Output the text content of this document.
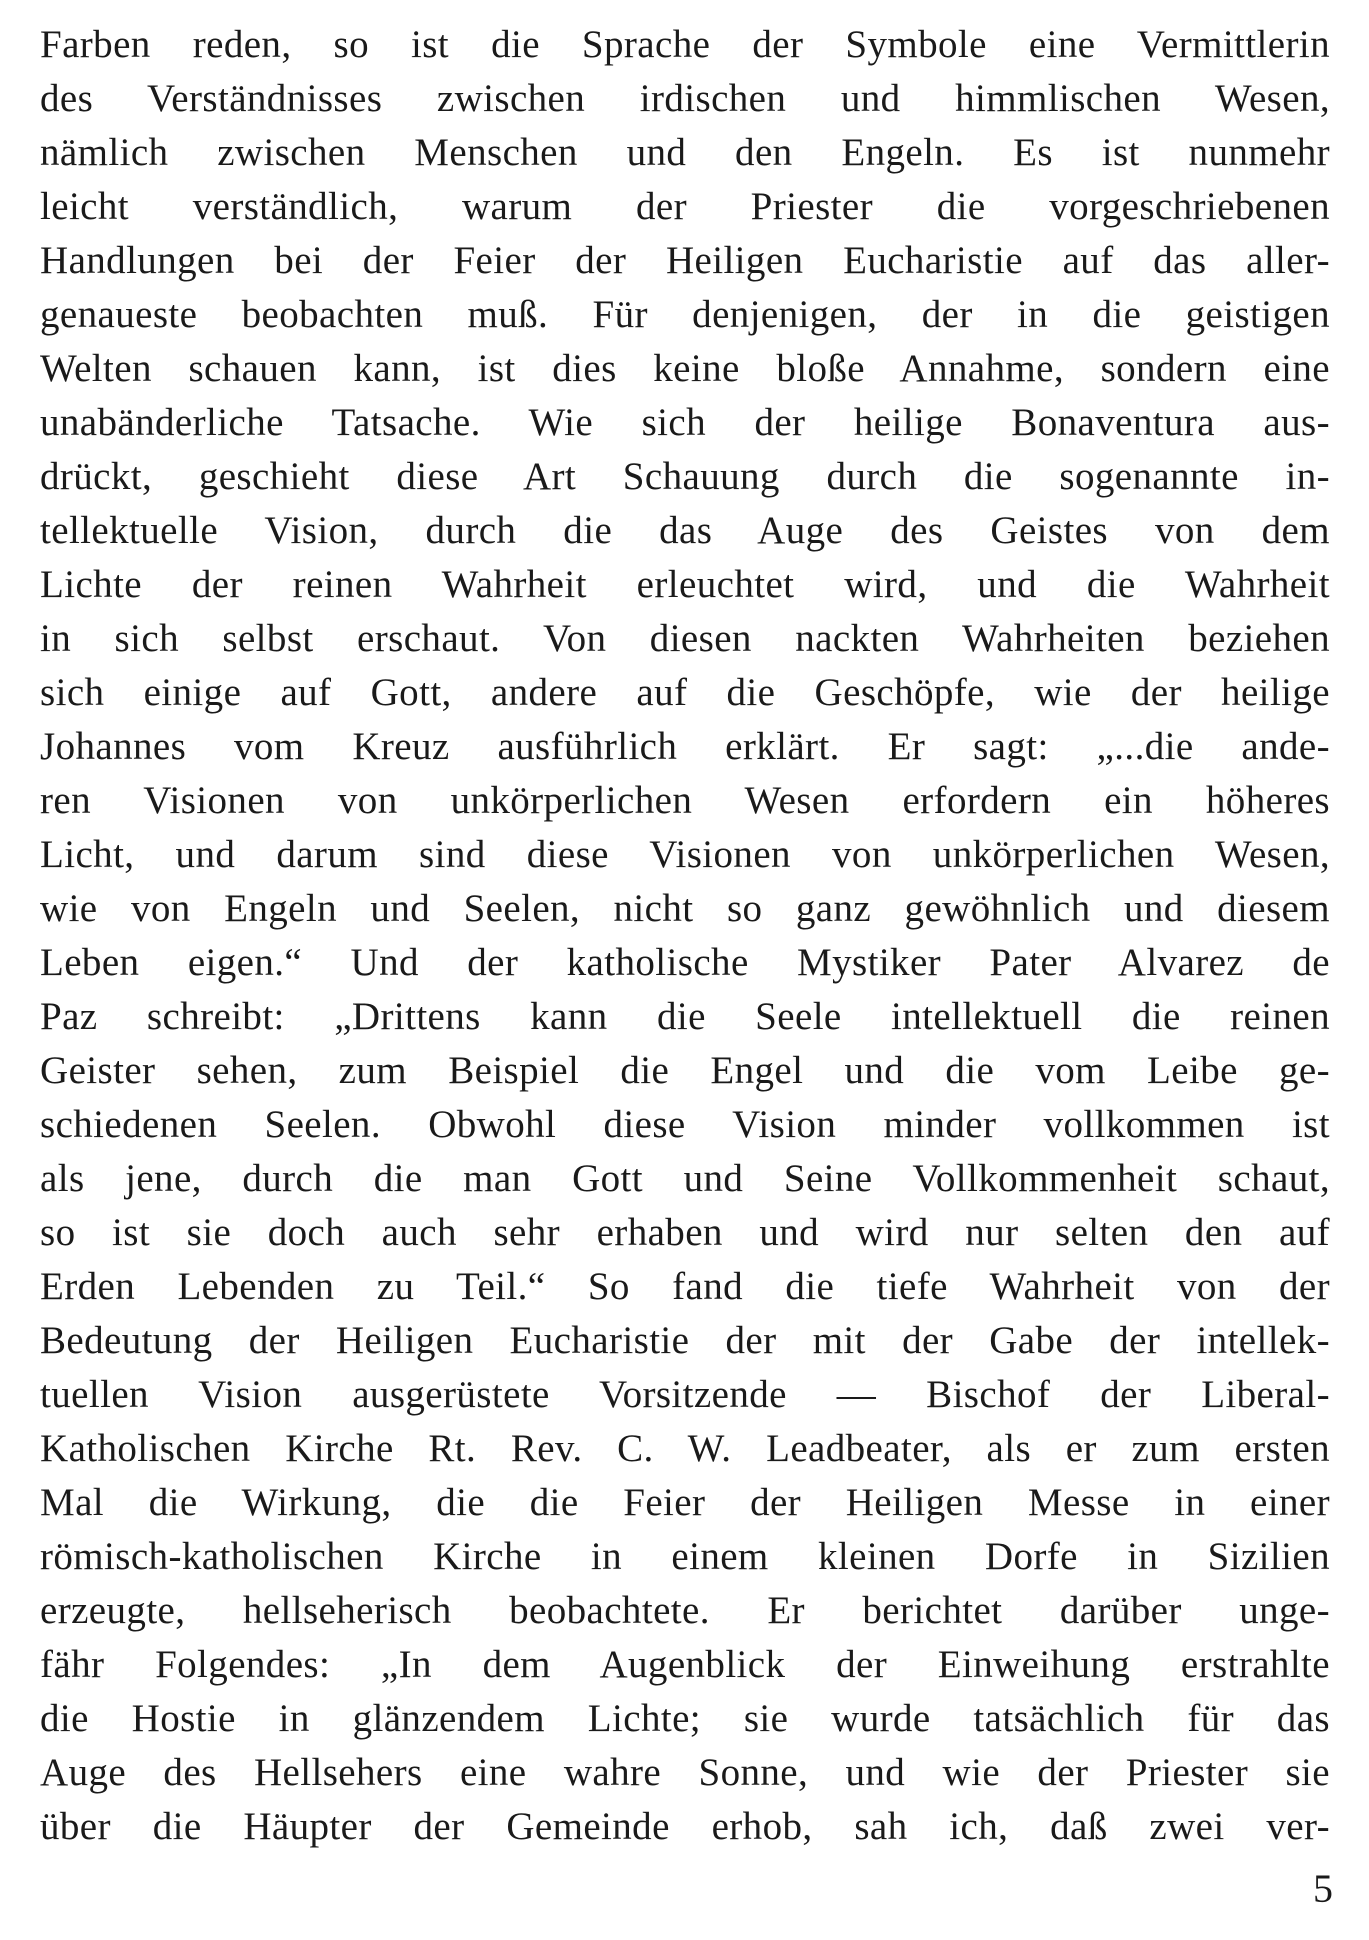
Farben reden, so ist die Sprache der Symbole eine Vermittlerin
des Verständnisses zwischen irdischen und himmlischen Wesen,
nämlich zwischen Menschen und den Engeln. Es ist nunmehr
leicht verständlich, warum der Priester die vorgeschriebenen
Handlungen bei der Feier der Heiligen Eucharistie auf das aller-
genaueste beobachten muß. Für denjenigen, der in die geistigen
Welten schauen kann, ist dies keine bloße Annahme, sondern eine
unabänderliche Tatsache. Wie sich der heilige Bonaventura aus-
drückt, geschieht diese Art Schauung durch die sogenannte in-
tellektuelle Vision, durch die das Auge des Geistes von dem
Lichte der reinen Wahrheit erleuchtet wird, und die Wahrheit
in sich selbst erschaut. Von diesen nackten Wahrheiten beziehen
sich einige auf Gott, andere auf die Geschöpfe, wie der heilige
Johannes vom Kreuz ausführlich erklärt. Er sagt: „...die ande-
ren Visionen von unkörperlichen Wesen erfordern ein höheres
Licht, und darum sind diese Visionen von unkörperlichen Wesen,
wie von Engeln und Seelen, nicht so ganz gewöhnlich und diesem
Leben eigen.“ Und der katholische Mystiker Pater Alvarez de
Paz schreibt: „Drittens kann die Seele intellektuell die reinen
Geister sehen, zum Beispiel die Engel und die vom Leibe ge-
schiedenen Seelen. Obwohl diese Vision minder vollkommen ist
als jene, durch die man Gott und Seine Vollkommenheit schaut,
so ist sie doch auch sehr erhaben und wird nur selten den auf
Erden Lebenden zu Teil.“ So fand die tiefe Wahrheit von der
Bedeutung der Heiligen Eucharistie der mit der Gabe der intellek-
tuellen Vision ausgerüstete Vorsitzende — Bischof der Liberal-
Katholischen Kirche Rt. Rev. C. W. Leadbeater, als er zum ersten
Mal die Wirkung, die die Feier der Heiligen Messe in einer
römisch-katholischen Kirche in einem kleinen Dorfe in Sizilien
erzeugte, hellseherisch beobachtete. Er berichtet darüber unge-
fähr Folgendes: „In dem Augenblick der Einweihung erstrahlte
die Hostie in glänzendem Lichte; sie wurde tatsächlich für das
Auge des Hellsehers eine wahre Sonne, und wie der Priester sie
über die Häupter der Gemeinde erhob, sah ich, daß zwei ver-
5
